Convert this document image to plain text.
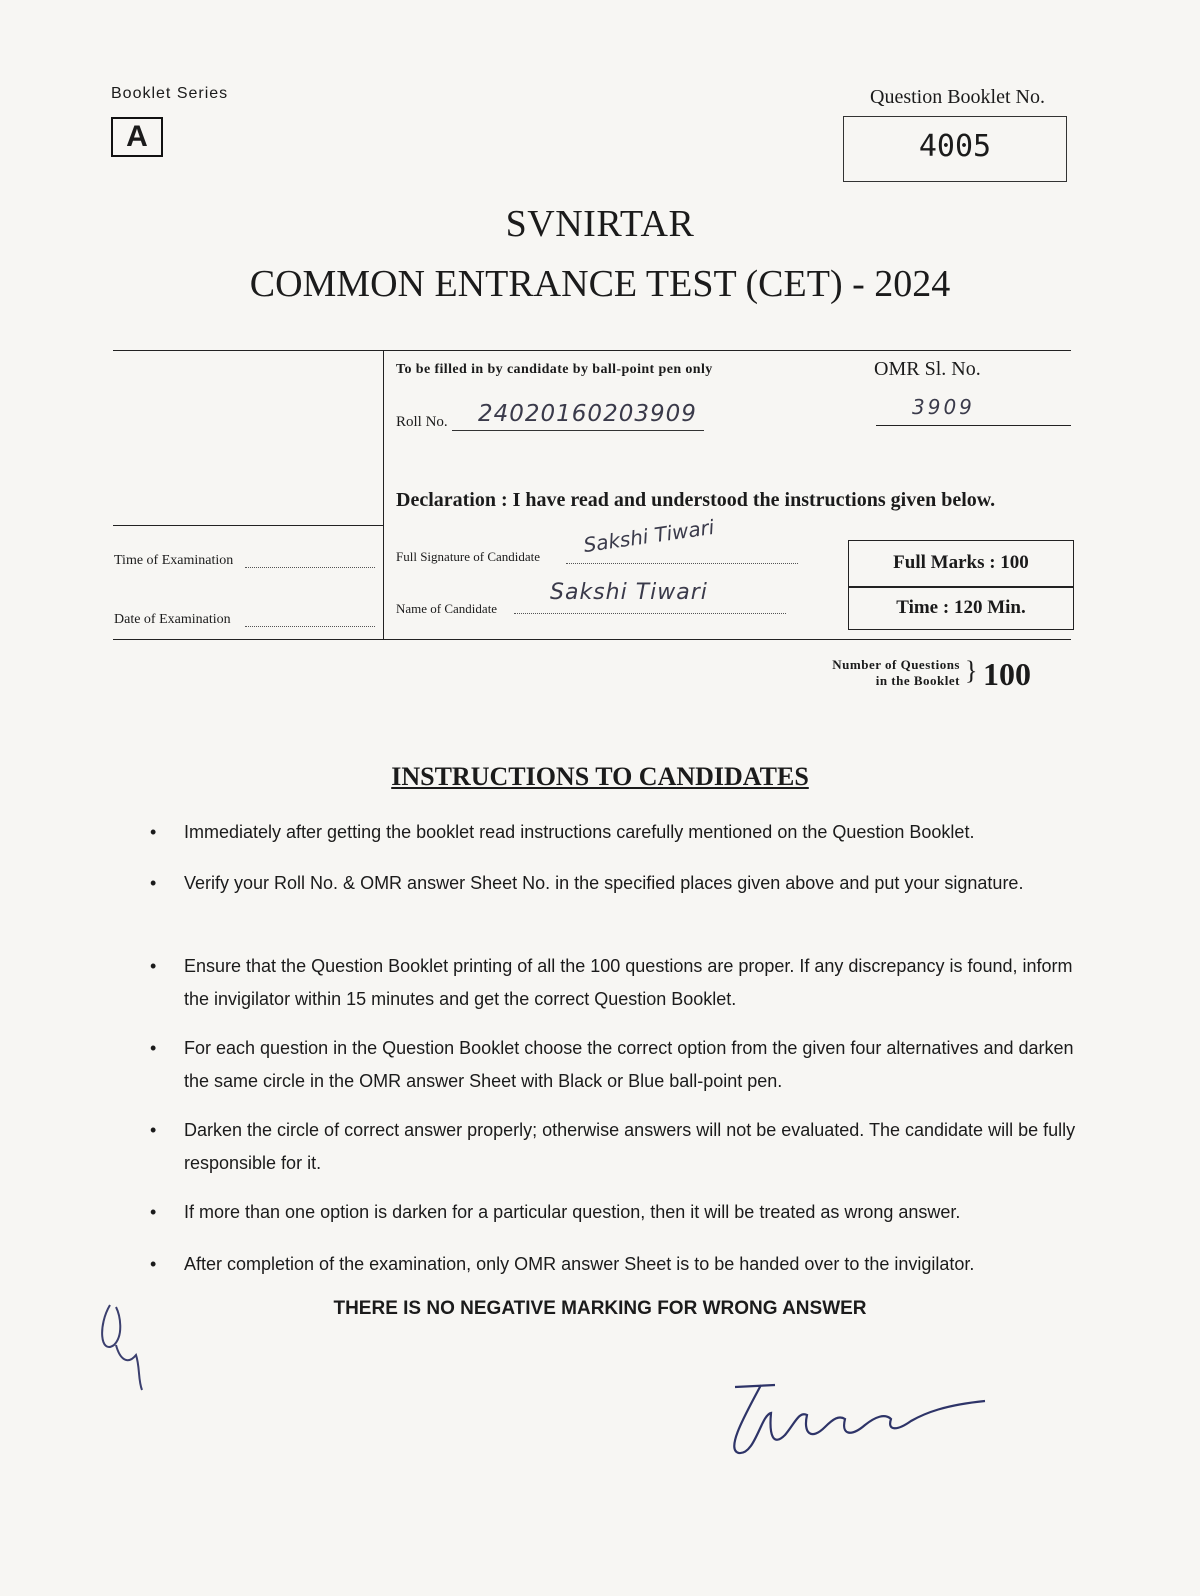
Booklet Series
A
Question Booklet No.
4005
SVNIRTAR
COMMON ENTRANCE TEST (CET) - 2024
To be filled in by candidate by ball-point pen only	OMR Sl. No.
3909
Roll No. 24020160203909
Declaration : I have read and understood the instructions given below.
Time of Examination
Date of Examination
Full Signature of Candidate Sakshi Tiwari
Name of Candidate
Sakshi Tiwari
Full Marks : 100
Time : 120 Min.
Number of Questions
in the Booklet } 100
INSTRUCTIONS TO CANDIDATES
• Immediately after getting the booklet read instructions carefully mentioned on the Question Booklet.
• Verify your Roll No. & OMR answer Sheet No. in the specified places given above and put your signature.
• Ensure that the Question Booklet printing of all the 100 questions are proper. If any discrepancy is found, inform the invigilator within 15 minutes and get the correct Question Booklet.
• For each question in the Question Booklet choose the correct option from the given four alternatives and darken the same circle in the OMR answer Sheet with Black or Blue ball-point pen.
• Darken the circle of correct answer properly; otherwise answers will not be evaluated. The candidate will be fully responsible for it.
• If more than one option is darken for a particular question, then it will be treated as wrong answer.
• After completion of the examination, only OMR answer Sheet is to be handed over to the invigilator.
THERE IS NO NEGATIVE MARKING FOR WRONG ANSWER
